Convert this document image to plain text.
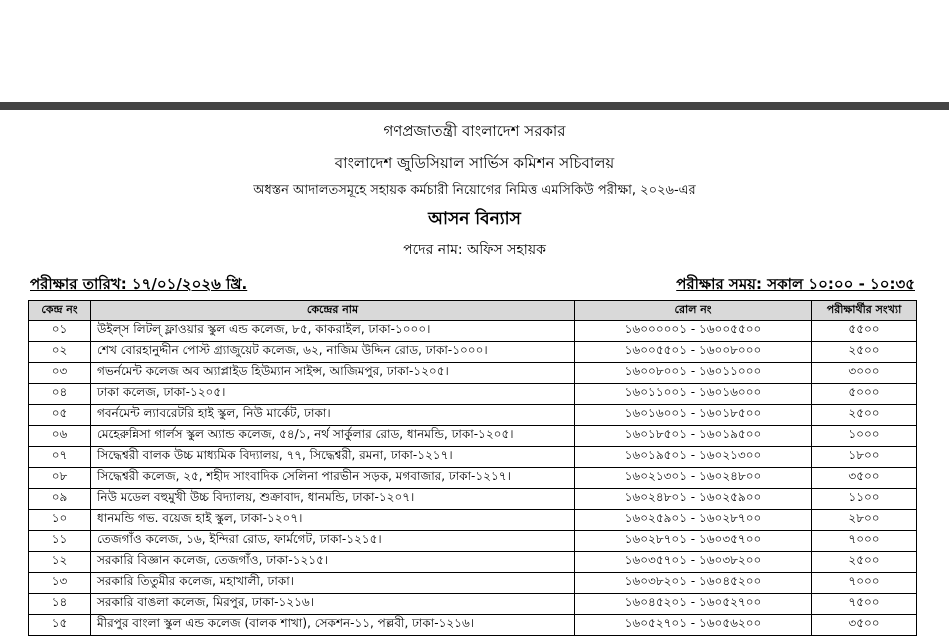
গণপ্রজাতন্ত্রী বাংলাদেশ সরকার
বাংলাদেশ জুডিসিয়াল সার্ভিস কমিশন সচিবালয়
অধস্তন আদালতসমূহে সহায়ক কর্মচারী নিয়োগের নিমিত্ত এমসিকিউ পরীক্ষা, ২০২৬-এর
আসন বিন্যাস
পদের নাম: অফিস সহায়ক
পরীক্ষার তারিখ: ১৭/০১/২০২৬ খ্রি.	পরীক্ষার সময়: সকাল ১০:০০ - ১০:৩৫
কেন্দ্র নং	কেন্দ্রের নাম	রোল নং	পরীক্ষার্থীর সংখ্যা
০১	উইল্‌স লিটল্‌ ফ্লাওয়ার স্কুল এন্ড কলেজ, ৮৫, কাকরাইল, ঢাকা-১০০০।	১৬০০০০০১ - ১৬০০৫৫০০	৫৫০০
০২	শেখ বোরহানুদ্দীন পোস্ট গ্র্যাজুয়েট কলেজ, ৬২, নাজিম উদ্দিন রোড, ঢাকা-১০০০।	১৬০০৫৫০১ - ১৬০০৮০০০	২৫০০
০৩	গভর্নমেন্ট কলেজ অব অ্যাপ্লাইড হিউম্যান সাইন্স, আজিমপুর, ঢাকা-১২০৫।	১৬০০৮০০১ - ১৬০১১০০০	৩০০০
০৪	ঢাকা কলেজ, ঢাকা-১২০৫।	১৬০১১০০১ - ১৬০১৬০০০	৫০০০
০৫	গবর্নমেন্ট ল্যাবরেটরি হাই স্কুল, নিউ মার্কেট, ঢাকা।	১৬০১৬০০১ - ১৬০১৮৫০০	২৫০০
০৬	মেহেরুন্নিসা গার্লস স্কুল অ্যান্ড কলেজ, ৫৪/১, নর্থ সার্কুলার রোড, ধানমন্ডি, ঢাকা-১২০৫।	১৬০১৮৫০১ - ১৬০১৯৫০০	১০০০
০৭	সিদ্ধেশ্বরী বালক উচ্চ মাধ্যমিক বিদ্যালয়, ৭৭, সিদ্ধেশ্বরী, রমনা, ঢাকা-১২১৭।	১৬০১৯৫০১ - ১৬০২১৩০০	১৮০০
০৮	সিদ্ধেশ্বরী কলেজ, ২৫, শহীদ সাংবাদিক সেলিনা পারভীন সড়ক, মগবাজার, ঢাকা-১২১৭।	১৬০২১৩০১ - ১৬০২৪৮০০	৩৫০০
০৯	নিউ মডেল বহুমুখী উচ্চ বিদ্যালয়, শুক্রাবাদ, ধানমন্ডি, ঢাকা-১২০৭।	১৬০২৪৮০১ - ১৬০২৫৯০০	১১০০
১০	ধানমন্ডি গভ. বয়েজ হাই স্কুল, ঢাকা-১২০৭।	১৬০২৫৯০১ - ১৬০২৮৭০০	২৮০০
১১	তেজগাঁও কলেজ, ১৬, ইন্দিরা রোড, ফার্মগেট, ঢাকা-১২১৫।	১৬০২৮৭০১ - ১৬০৩৫৭০০	৭০০০
১২	সরকারি বিজ্ঞান কলেজ, তেজগাঁও, ঢাকা-১২১৫।	১৬০৩৫৭০১ - ১৬০৩৮২০০	২৫০০
১৩	সরকারি তিতুমীর কলেজ, মহাখালী, ঢাকা।	১৬০৩৮২০১ - ১৬০৪৫২০০	৭০০০
১৪	সরকারি বাঙলা কলেজ, মিরপুর, ঢাকা-১২১৬।	১৬০৪৫২০১ - ১৬০৫২৭০০	৭৫০০
১৫	মীরপুর বাংলা স্কুল এন্ড কলেজ (বালক শাখা), সেকশন-১১, পল্লবী, ঢাকা-১২১৬।	১৬০৫২৭০১ - ১৬০৫৬২০০	৩৫০০
